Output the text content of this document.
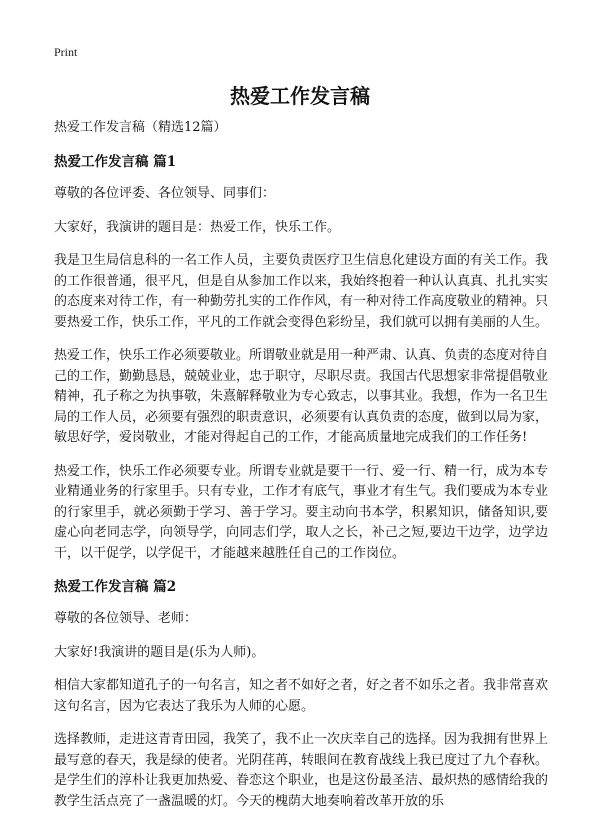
Print
热爱工作发言稿

热爱工作发言稿（精选12篇）

热爱工作发言稿 篇1

尊敬的各位评委、各位领导、同事们：

大家好，我演讲的题目是：热爱工作，快乐工作。

我是卫生局信息科的一名工作人员，主要负责医疗卫生信息化建设方面的有关工作。我的工作很普通，很平凡，但是自从参加工作以来，我始终抱着一种认认真真、扎扎实实的态度来对待工作，有一种勤劳扎实的工作作风，有一种对待工作高度敬业的精神。只要热爱工作，快乐工作，平凡的工作就会变得色彩纷呈，我们就可以拥有美丽的人生。

热爱工作，快乐工作必须要敬业。所谓敬业就是用一种严肃、认真、负责的态度对待自己的工作，勤勤恳恳，兢兢业业，忠于职守，尽职尽责。我国古代思想家非常提倡敬业精神，孔子称之为执事敬，朱熹解释敬业为专心致志，以事其业。我想，作为一名卫生局的工作人员，必须要有强烈的职责意识，必须要有认真负责的态度，做到以局为家，敏思好学，爱岗敬业，才能对得起自己的工作，才能高质量地完成我们的工作任务!

热爱工作，快乐工作必须要专业。所谓专业就是要干一行、爱一行、精一行，成为本专业精通业务的行家里手。只有专业，工作才有底气，事业才有生气。我们要成为本专业的行家里手，就必须勤于学习、善于学习。要主动向书本学，积累知识，储备知识,要虚心向老同志学，向领导学，向同志们学，取人之长，补己之短,要边干边学，边学边干，以干促学，以学促干，才能越来越胜任自己的工作岗位。

热爱工作发言稿 篇2

尊敬的各位领导、老师：

大家好!我演讲的题目是(乐为人师)。

相信大家都知道孔子的一句名言，知之者不如好之者，好之者不如乐之者。我非常喜欢这句名言，因为它表达了我乐为人师的心愿。

选择教师，走进这青青田园，我笑了，我不止一次庆幸自己的选择。因为我拥有世界上最写意的春天，我是绿的使者。光阴荏苒，转眼间在教育战线上我已度过了九个春秋。是学生们的淳朴让我更加热爱、眷恋这个职业，也是这份最圣洁、最炽热的感情给我的教学生活点亮了一盏温暖的灯。今天的槐荫大地奏响着改革开放的乐
